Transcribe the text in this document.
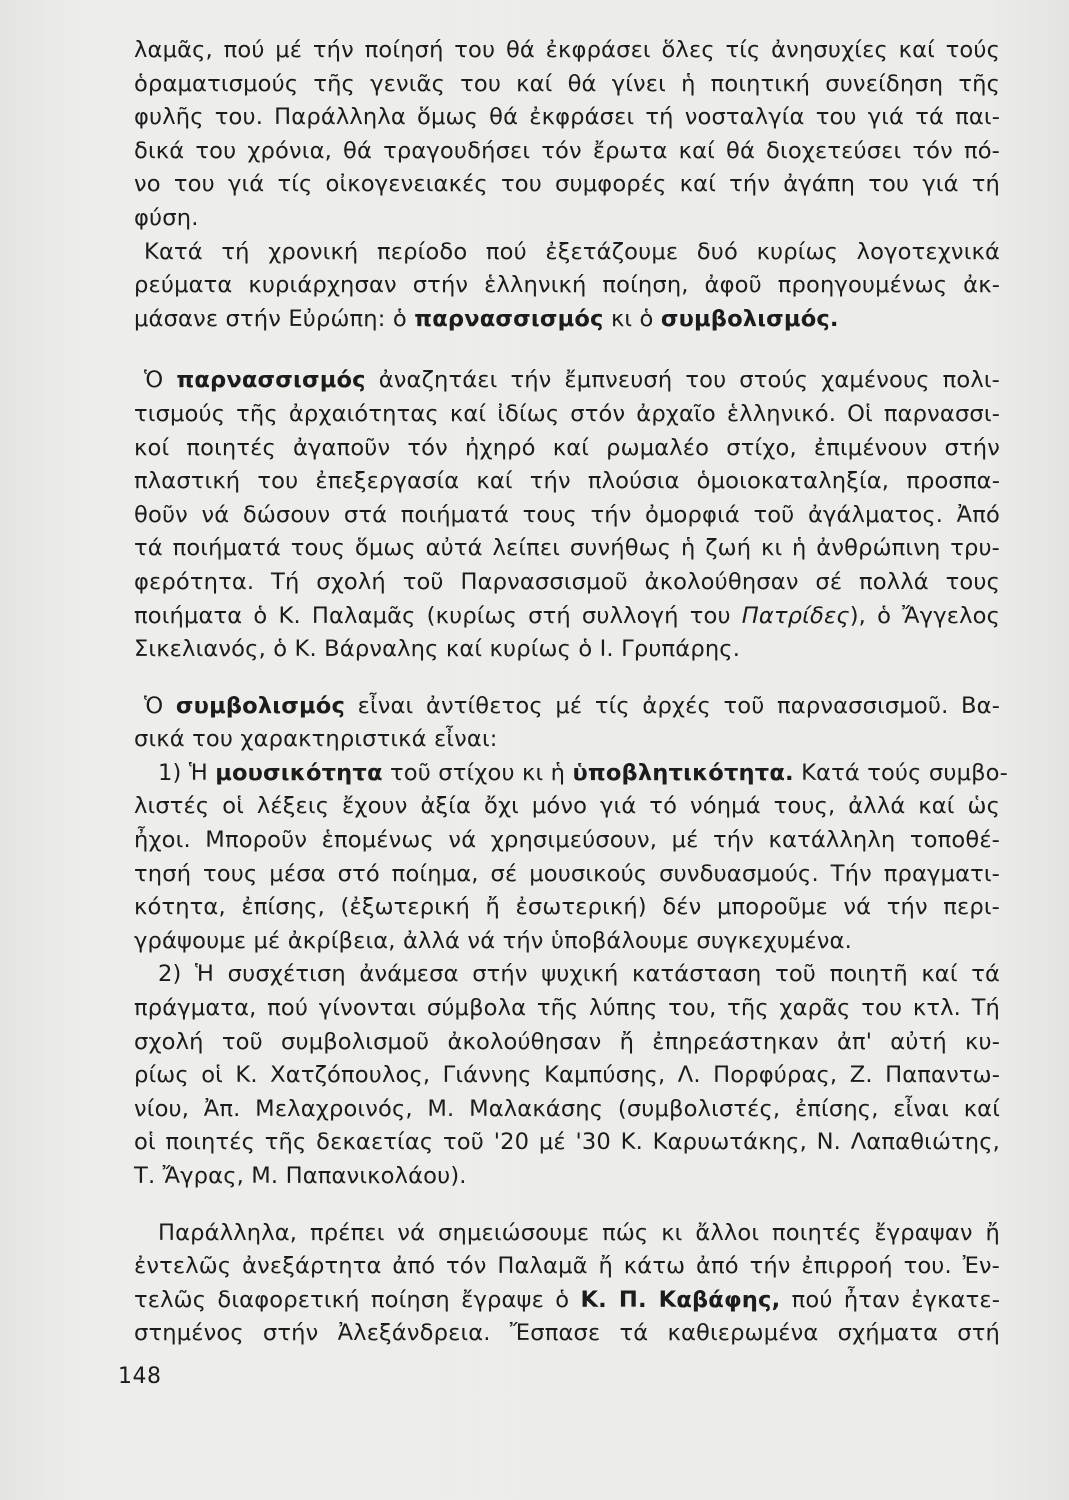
λαμᾶς, πού μέ τήν ποίησή του θά ἐκφράσει ὅλες τίς ἀνησυχίες καί τούς
ὁραματισμούς τῆς γενιᾶς του καί θά γίνει ἡ ποιητική συνείδηση τῆς
φυλῆς του. Παράλληλα ὅμως θά ἐκφράσει τή νοσταλγία του γιά τά παι-
δικά του χρόνια, θά τραγουδήσει τόν ἔρωτα καί θά διοχετεύσει τόν πό-
νο του γιά τίς οἰκογενειακές του συμφορές καί τήν ἀγάπη του γιά τή
φύση.
Κατά τή χρονική περίοδο πού ἐξετάζουμε δυό κυρίως λογοτεχνικά
ρεύματα κυριάρχησαν στήν ἑλληνική ποίηση, ἀφοῦ προηγουμένως ἀκ-
μάσανε στήν Εὐρώπη: ὁ παρνασσισμός κι ὁ συμβολισμός.
Ὁ παρνασσισμός ἀναζητάει τήν ἔμπνευσή του στούς χαμένους πολι-
τισμούς τῆς ἀρχαιότητας καί ἰδίως στόν ἀρχαῖο ἑλληνικό. Οἱ παρνασσι-
κοί ποιητές ἀγαποῦν τόν ἠχηρό καί ρωμαλέο στίχο, ἐπιμένουν στήν
πλαστική του ἐπεξεργασία καί τήν πλούσια ὁμοιοκαταληξία, προσπα-
θοῦν νά δώσουν στά ποιήματά τους τήν ὀμορφιά τοῦ ἀγάλματος. Ἀπό
τά ποιήματά τους ὅμως αὐτά λείπει συνήθως ἡ ζωή κι ἡ ἀνθρώπινη τρυ-
φερότητα. Τή σχολή τοῦ Παρνασσισμοῦ ἀκολούθησαν σέ πολλά τους
ποιήματα ὁ Κ. Παλαμᾶς (κυρίως στή συλλογή του Πατρίδες), ὁ Ἄγγελος
Σικελιανός, ὁ Κ. Βάρναλης καί κυρίως ὁ Ι. Γρυπάρης.
Ὁ συμβολισμός εἶναι ἀντίθετος μέ τίς ἀρχές τοῦ παρνασσισμοῦ. Βα-
σικά του χαρακτηριστικά εἶναι:
1) Ἡ μουσικότητα τοῦ στίχου κι ἡ ὑποβλητικότητα. Κατά τούς συμβο-
λιστές οἱ λέξεις ἔχουν ἀξία ὄχι μόνο γιά τό νόημά τους, ἀλλά καί ὡς
ἦχοι. Μποροῦν ἑπομένως νά χρησιμεύσουν, μέ τήν κατάλληλη τοποθέ-
τησή τους μέσα στό ποίημα, σέ μουσικούς συνδυασμούς. Τήν πραγματι-
κότητα, ἐπίσης, (ἐξωτερική ἤ ἐσωτερική) δέν μποροῦμε νά τήν περι-
γράψουμε μέ ἀκρίβεια, ἀλλά νά τήν ὑποβάλουμε συγκεχυμένα.
2) Ἡ συσχέτιση ἀνάμεσα στήν ψυχική κατάσταση τοῦ ποιητῆ καί τά
πράγματα, πού γίνονται σύμβολα τῆς λύπης του, τῆς χαρᾶς του κτλ. Τή
σχολή τοῦ συμβολισμοῦ ἀκολούθησαν ἤ ἐπηρεάστηκαν ἀπ' αὐτή κυ-
ρίως οἱ Κ. Χατζόπουλος, Γιάννης Καμπύσης, Λ. Πορφύρας, Ζ. Παπαντω-
νίου, Ἀπ. Μελαχροινός, Μ. Μαλακάσης (συμβολιστές, ἐπίσης, εἶναι καί
οἱ ποιητές τῆς δεκαετίας τοῦ '20 μέ '30 Κ. Καρυωτάκης, Ν. Λαπαθιώτης,
Τ. Ἄγρας, Μ. Παπανικολάου).
Παράλληλα, πρέπει νά σημειώσουμε πώς κι ἄλλοι ποιητές ἔγραψαν ἤ
ἐντελῶς ἀνεξάρτητα ἀπό τόν Παλαμᾶ ἤ κάτω ἀπό τήν ἐπιρροή του. Ἐν-
τελῶς διαφορετική ποίηση ἔγραψε ὁ Κ. Π. Καβάφης, πού ἦταν ἐγκατε-
στημένος στήν Ἀλεξάνδρεια. Ἔσπασε τά καθιερωμένα σχήματα στή
148
